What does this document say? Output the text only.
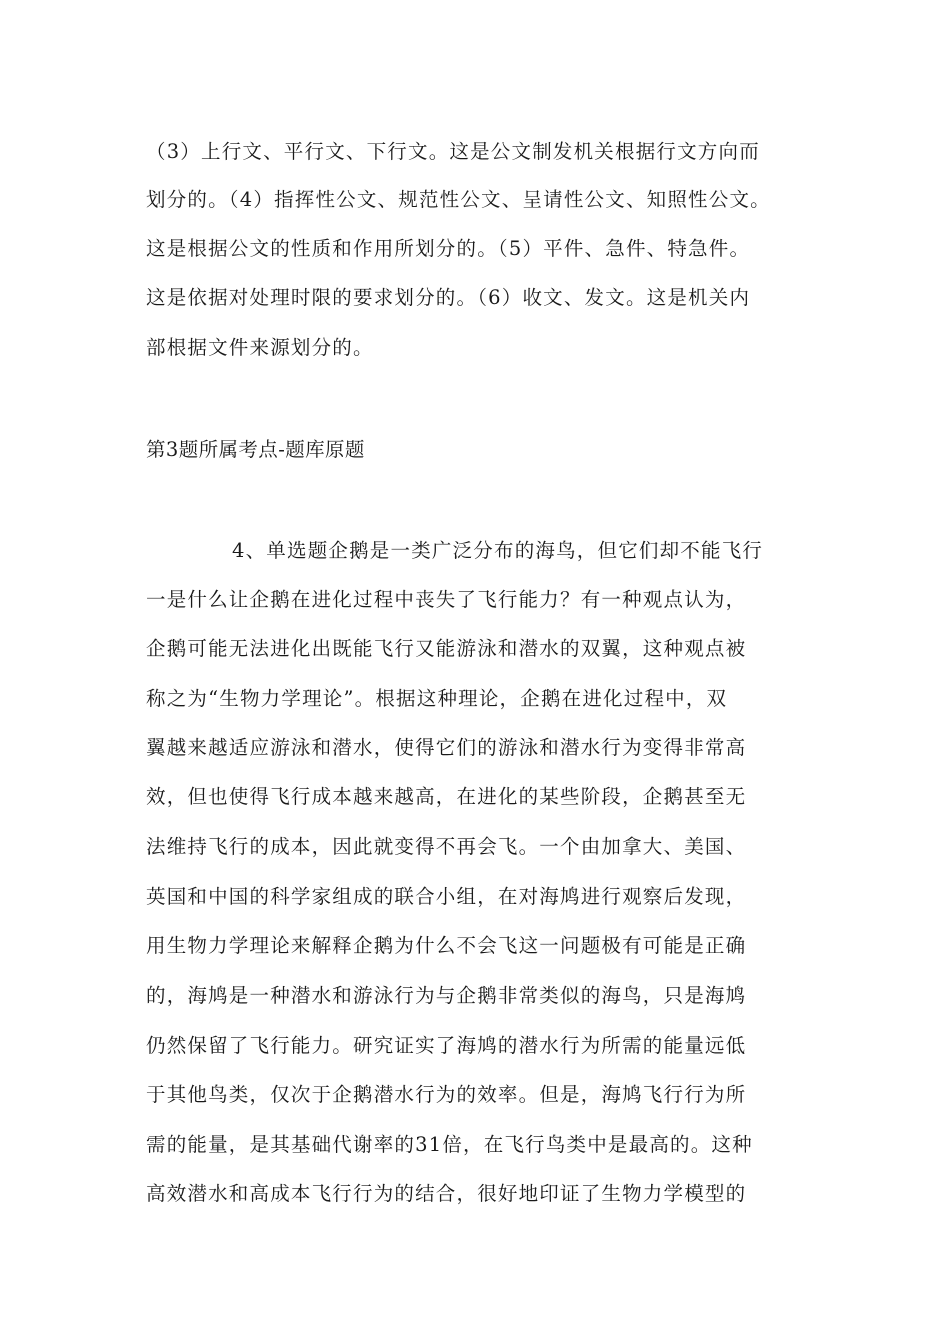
（3）上行文、平行文、下行文。这是公文制发机关根据行文方向而
划分的。（4）指挥性公文、规范性公文、呈请性公文、知照性公文。
这是根据公文的性质和作用所划分的。（5）平件、急件、特急件。
这是依据对处理时限的要求划分的。（6）收文、发文。这是机关内
部根据文件来源划分的。
第3题所属考点-题库原题
4、单选题企鹅是一类广泛分布的海鸟，但它们却不能飞行
一是什么让企鹅在进化过程中丧失了飞行能力？有一种观点认为，
企鹅可能无法进化出既能飞行又能游泳和潜水的双翼，这种观点被
称之为“生物力学理论”。根据这种理论，企鹅在进化过程中，双
翼越来越适应游泳和潜水，使得它们的游泳和潜水行为变得非常高
效，但也使得飞行成本越来越高，在进化的某些阶段，企鹅甚至无
法维持飞行的成本，因此就变得不再会飞。一个由加拿大、美国、
英国和中国的科学家组成的联合小组，在对海鸠进行观察后发现，
用生物力学理论来解释企鹅为什么不会飞这一问题极有可能是正确
的，海鸠是一种潜水和游泳行为与企鹅非常类似的海鸟，只是海鸠
仍然保留了飞行能力。研究证实了海鸠的潜水行为所需的能量远低
于其他鸟类，仅次于企鹅潜水行为的效率。但是，海鸠飞行行为所
需的能量，是其基础代谢率的31倍，在飞行鸟类中是最高的。这种
高效潜水和高成本飞行行为的结合，很好地印证了生物力学模型的
